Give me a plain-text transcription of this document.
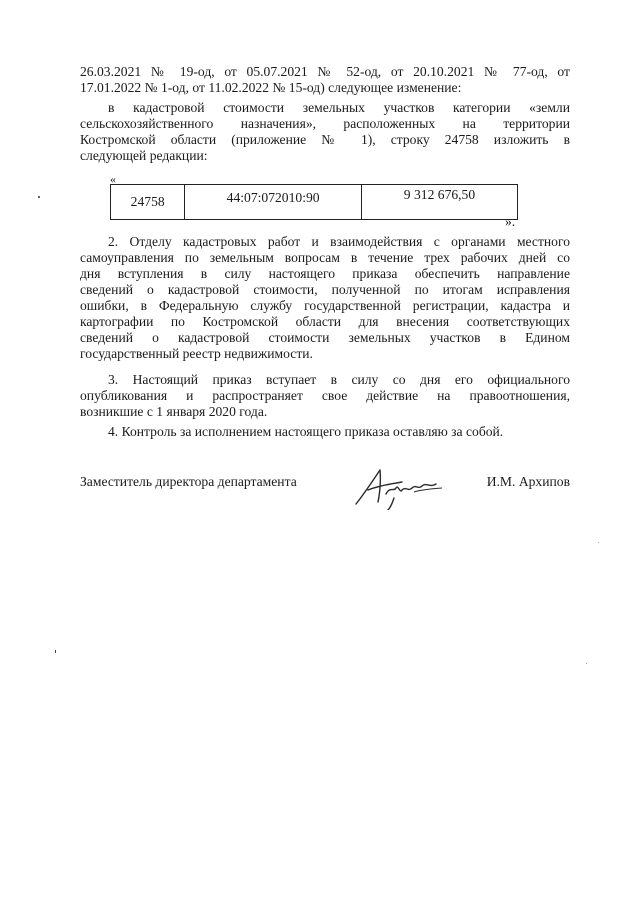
26.03.2021 № 19-од, от 05.07.2021 № 52-од, от 20.10.2021 № 77-од, от
17.01.2022 № 1-од, от 11.02.2022 № 15-од) следующее изменение:
в кадастровой стоимости земельных участков категории «земли
сельскохозяйственного назначения», расположенных на территории
Костромской области (приложение № 1), строку 24758 изложить в
следующей редакции:
«
24758	44:07:072010:90	9 312 676,50
».
2. Отделу кадастровых работ и взаимодействия с органами местного
самоуправления по земельным вопросам в течение трех рабочих дней со
дня вступления в силу настоящего приказа обеспечить направление
сведений о кадастровой стоимости, полученной по итогам исправления
ошибки, в Федеральную службу государственной регистрации, кадастра и
картографии по Костромской области для внесения соответствующих
сведений о кадастровой стоимости земельных участков в Едином
государственный реестр недвижимости.
3. Настоящий приказ вступает в силу со дня его официального
опубликования и распространяет свое действие на правоотношения,
возникшие с 1 января 2020 года.
4. Контроль за исполнением настоящего приказа оставляю за собой.
Заместитель директора департамента	И.М. Архипов
